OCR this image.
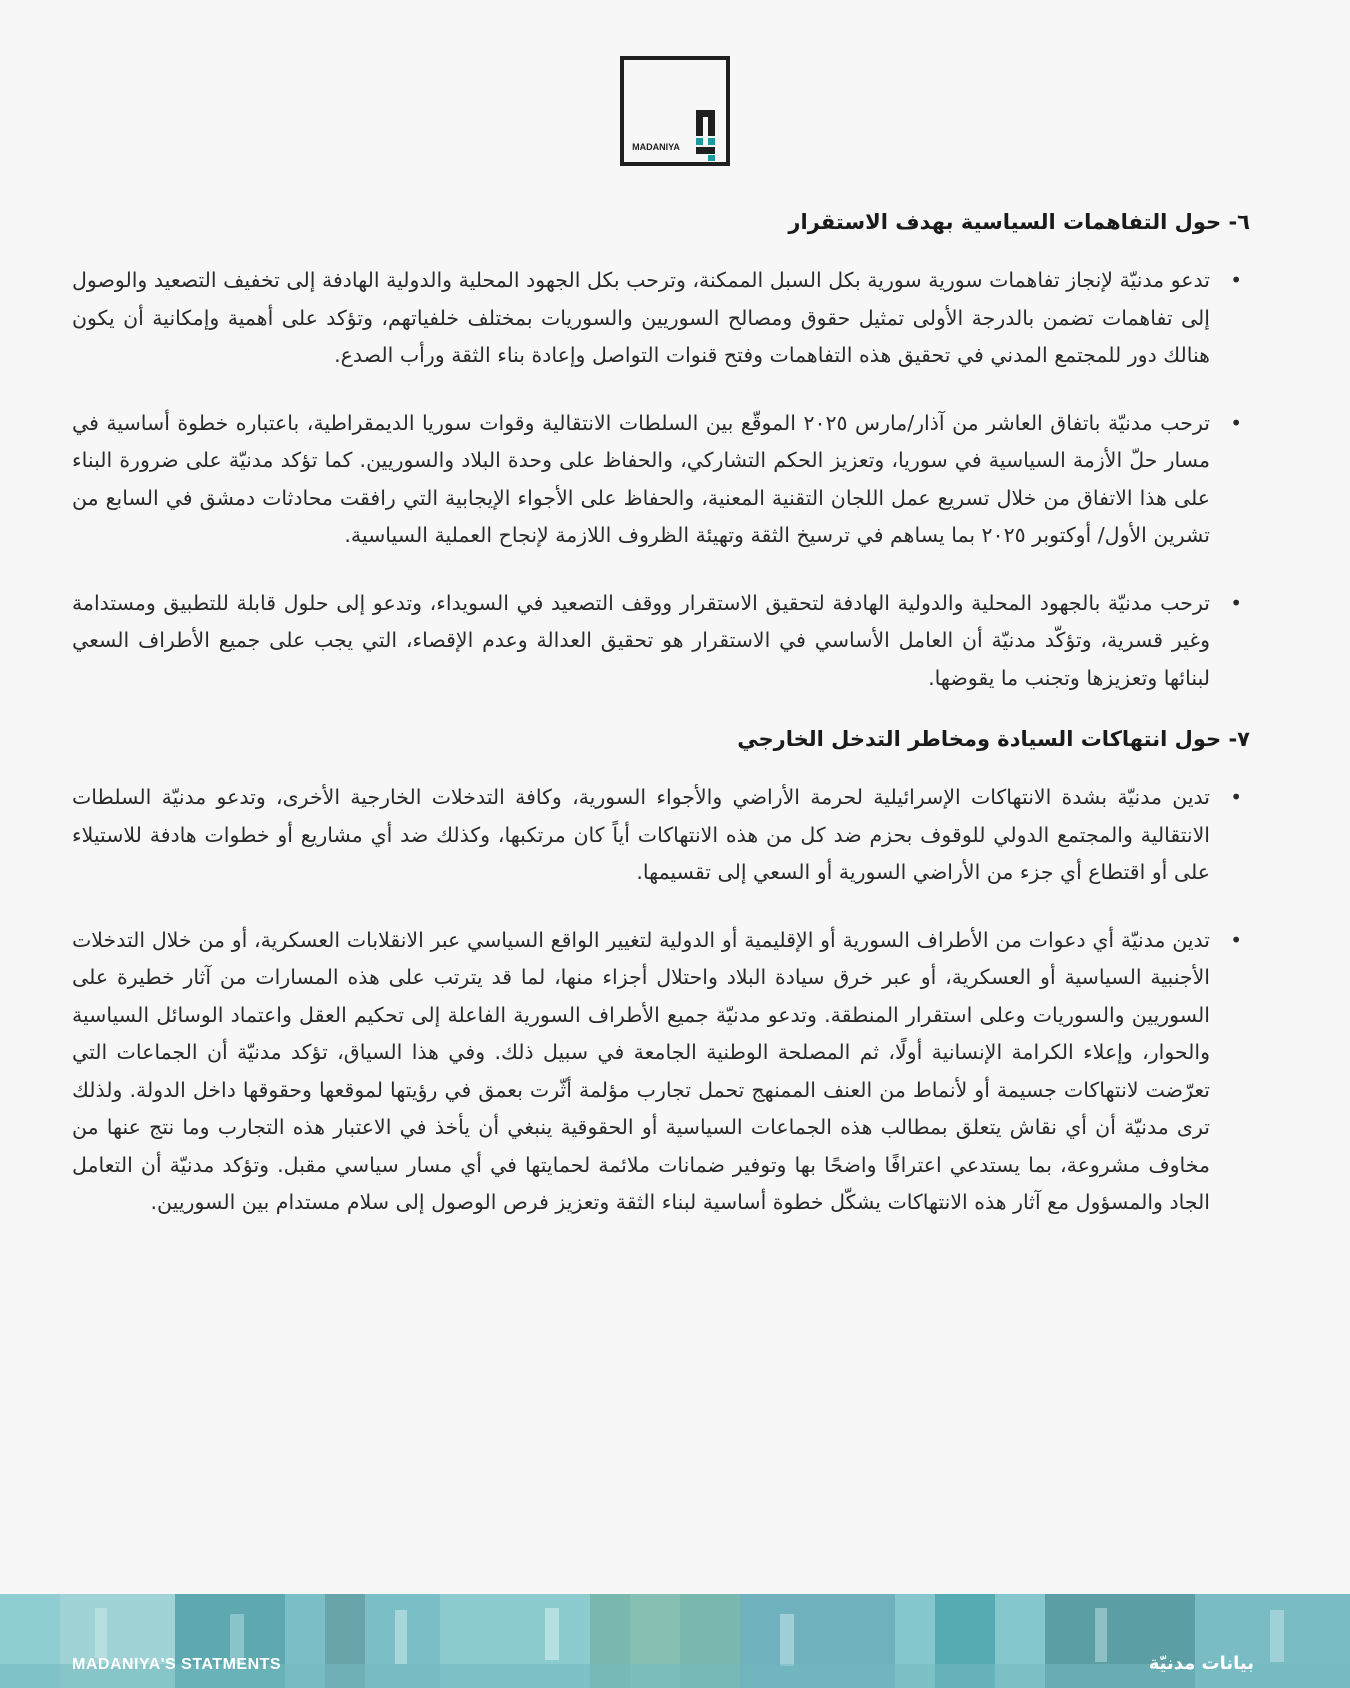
MADANIYA
٦- حول التفاهمات السياسية بهدف الاستقرار
•
تدعو مدنيّة لإنجاز تفاهمات سورية سورية بكل السبل الممكنة، وترحب بكل الجهود المحلية والدولية الهادفة إلى تخفيف التصعيد والوصول إلى تفاهمات تضمن بالدرجة الأولى تمثيل حقوق ومصالح السوريين والسوريات بمختلف خلفياتهم، وتؤكد على أهمية وإمكانية أن يكون هنالك دور للمجتمع المدني في تحقيق هذه التفاهمات وفتح قنوات التواصل وإعادة بناء الثقة ورأب الصدع.
•
ترحب مدنيّة باتفاق العاشر من آذار/مارس ٢٠٢٥ الموقّع بين السلطات الانتقالية وقوات سوريا الديمقراطية، باعتباره خطوة أساسية في مسار حلّ الأزمة السياسية في سوريا، وتعزيز الحكم التشاركي، والحفاظ على وحدة البلاد والسوريين. كما تؤكد مدنيّة على ضرورة البناء على هذا الاتفاق من خلال تسريع عمل اللجان التقنية المعنية، والحفاظ على الأجواء الإيجابية التي رافقت محادثات دمشق في السابع من تشرين الأول/ أوكتوبر ٢٠٢٥ بما يساهم في ترسيخ الثقة وتهيئة الظروف اللازمة لإنجاح العملية السياسية.
•
ترحب مدنيّة بالجهود المحلية والدولية الهادفة لتحقيق الاستقرار ووقف التصعيد في السويداء، وتدعو إلى حلول قابلة للتطبيق ومستدامة وغير قسرية، وتؤكّد مدنيّة أن العامل الأساسي في الاستقرار هو تحقيق العدالة وعدم الإقصاء، التي يجب على جميع الأطراف السعي لبنائها وتعزيزها وتجنب ما يقوضها.
٧- حول انتهاكات السيادة ومخاطر التدخل الخارجي
•
تدين مدنيّة بشدة الانتهاكات الإسرائيلية لحرمة الأراضي والأجواء السورية، وكافة التدخلات الخارجية الأخرى، وتدعو مدنيّة السلطات الانتقالية والمجتمع الدولي للوقوف بحزم ضد كل من هذه الانتهاكات أياً كان مرتكبها، وكذلك ضد أي مشاريع أو خطوات هادفة للاستيلاء على أو اقتطاع أي جزء من الأراضي السورية أو السعي إلى تقسيمها.
•
تدين مدنيّة أي دعوات من الأطراف السورية أو الإقليمية أو الدولية لتغيير الواقع السياسي عبر الانقلابات العسكرية، أو من خلال التدخلات الأجنبية السياسية أو العسكرية، أو عبر خرق سيادة البلاد واحتلال أجزاء منها، لما قد يترتب على هذه المسارات من آثار خطيرة على السوريين والسوريات وعلى استقرار المنطقة. وتدعو مدنيّة جميع الأطراف السورية الفاعلة إلى تحكيم العقل واعتماد الوسائل السياسية والحوار، وإعلاء الكرامة الإنسانية أولًا، ثم المصلحة الوطنية الجامعة في سبيل ذلك. وفي هذا السياق، تؤكد مدنيّة أن الجماعات التي تعرّضت لانتهاكات جسيمة أو لأنماط من العنف الممنهج تحمل تجارب مؤلمة أثّرت بعمق في رؤيتها لموقعها وحقوقها داخل الدولة. ولذلك ترى مدنيّة أن أي نقاش يتعلق بمطالب هذه الجماعات السياسية أو الحقوقية ينبغي أن يأخذ في الاعتبار هذه التجارب وما نتج عنها من مخاوف مشروعة، بما يستدعي اعترافًا واضحًا بها وتوفير ضمانات ملائمة لحمايتها في أي مسار سياسي مقبل. وتؤكد مدنيّة أن التعامل الجاد والمسؤول مع آثار هذه الانتهاكات يشكّل خطوة أساسية لبناء الثقة وتعزيز فرص الوصول إلى سلام مستدام بين السوريين.
MADANIYA'S STATMENTS	بيانات مدنيّة
